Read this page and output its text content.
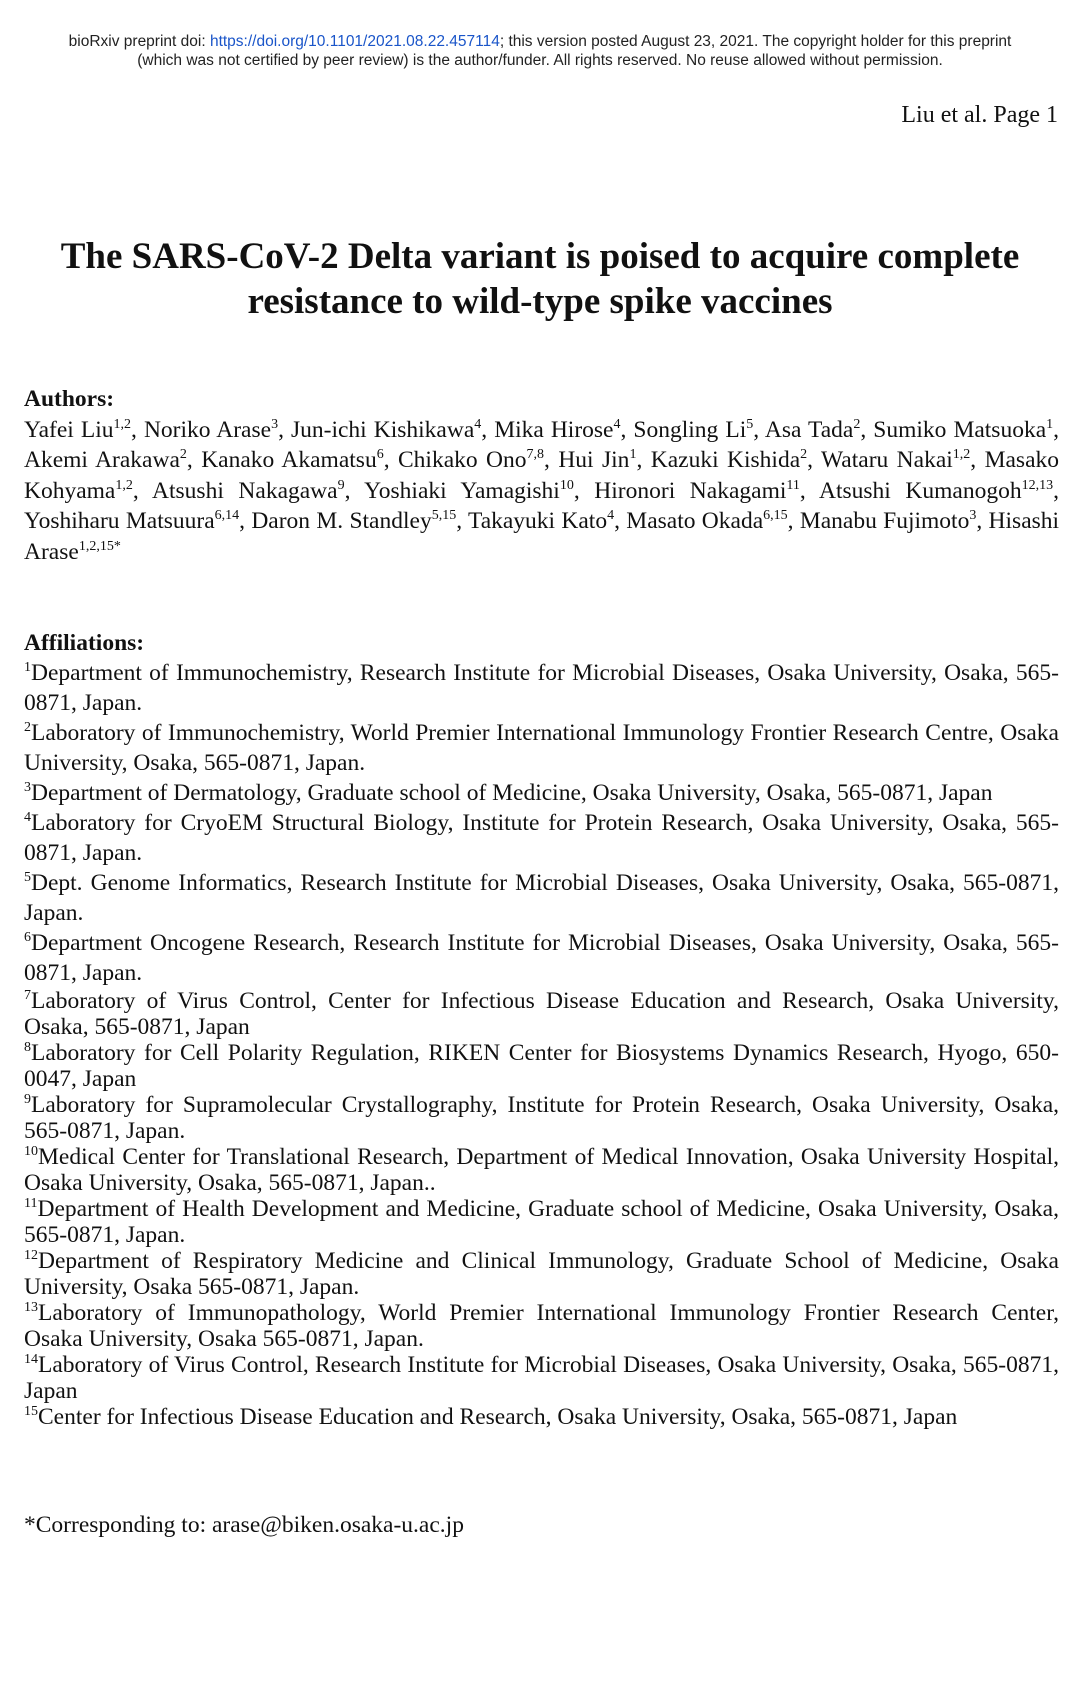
bioRxiv preprint doi: https://doi.org/10.1101/2021.08.22.457114; this version posted August 23, 2021. The copyright holder for this preprint
(which was not certified by peer review) is the author/funder. All rights reserved. No reuse allowed without permission.
Liu et al. Page 1
The SARS-CoV-2 Delta variant is poised to acquire complete
resistance to wild-type spike vaccines
Authors:
Yafei Liu$^{1,2}$, Noriko Arase$^3$, Jun-ichi Kishikawa$^4$, Mika Hirose$^4$, Songling Li$^5$, Asa Tada$^2$, Sumiko Matsuoka$^1$, Akemi Arakawa$^2$, Kanako Akamatsu$^6$, Chikako Ono$^{7,8}$, Hui Jin$^1$, Kazuki Kishida$^2$, Wataru Nakai$^{1,2}$, Masako Kohyama$^{1,2}$, Atsushi Nakagawa$^9$, Yoshiaki Yamagishi$^{10}$, Hironori Nakagami$^{11}$, Atsushi Kumanogoh$^{12,13}$, Yoshiharu Matsuura$^{6,14}$, Daron M. Standley$^{5,15}$, Takayuki Kato$^4$, Masato Okada$^{6,15}$, Manabu Fujimoto$^3$, Hisashi Arase$^{1,2,15*}$
Affiliations:
$^1$Department of Immunochemistry, Research Institute for Microbial Diseases, Osaka University, Osaka, 565-0871, Japan.
$^2$Laboratory of Immunochemistry, World Premier International Immunology Frontier Research Centre, Osaka University, Osaka, 565-0871, Japan.
$^3$Department of Dermatology, Graduate school of Medicine, Osaka University, Osaka, 565-0871, Japan
$^4$Laboratory for CryoEM Structural Biology, Institute for Protein Research, Osaka University, Osaka, 565-0871, Japan.
$^5$Dept. Genome Informatics, Research Institute for Microbial Diseases, Osaka University, Osaka, 565-0871, Japan.
$^6$Department Oncogene Research, Research Institute for Microbial Diseases, Osaka University, Osaka, 565-0871, Japan.
$^7$Laboratory of Virus Control, Center for Infectious Disease Education and Research, Osaka University, Osaka, 565-0871, Japan
$^8$Laboratory for Cell Polarity Regulation, RIKEN Center for Biosystems Dynamics Research, Hyogo, 650-0047, Japan
$^9$Laboratory for Supramolecular Crystallography, Institute for Protein Research, Osaka University, Osaka, 565-0871, Japan.
$^{10}$Medical Center for Translational Research, Department of Medical Innovation, Osaka University Hospital, Osaka University, Osaka, 565-0871, Japan..
$^{11}$Department of Health Development and Medicine, Graduate school of Medicine, Osaka University, Osaka, 565-0871, Japan.
$^{12}$Department of Respiratory Medicine and Clinical Immunology, Graduate School of Medicine, Osaka University, Osaka 565-0871, Japan.
$^{13}$Laboratory of Immunopathology, World Premier International Immunology Frontier Research Center, Osaka University, Osaka 565-0871, Japan.
$^{14}$Laboratory of Virus Control, Research Institute for Microbial Diseases, Osaka University, Osaka, 565-0871, Japan
$^{15}$Center for Infectious Disease Education and Research, Osaka University, Osaka, 565-0871, Japan
*Corresponding to: arase@biken.osaka-u.ac.jp
